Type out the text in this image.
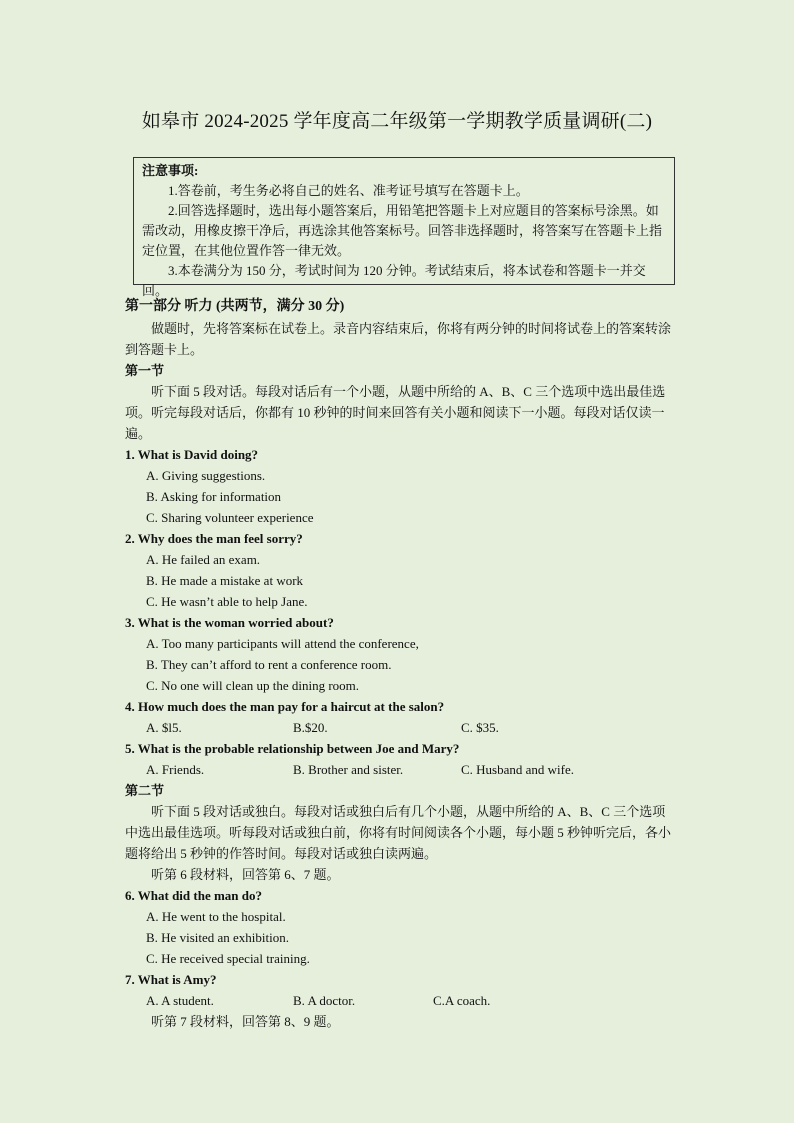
如皋市 2024-2025 学年度高二年级第一学期教学质量调研(二)
注意事项:

1.答卷前，考生务必将自己的姓名、准考证号填写在答题卡上。

2.回答选择题时，选出每小题答案后，用铅笔把答题卡上对应题目的答案标号涂黑。如需改动，用橡皮擦干净后，再选涂其他答案标号。回答非选择题时，将答案写在答题卡上指定位置，在其他位置作答一律无效。

3.本卷满分为 150 分，考试时间为 120 分钟。考试结束后，将本试卷和答题卡一并交回。

第一部分 听力 (共两节，满分 30 分)

做题时，先将答案标在试卷上。录音内容结束后，你将有两分钟的时间将试卷上的答案转涂到答题卡上。

第一节

听下面 5 段对话。每段对话后有一个小题，从题中所给的 A、B、C 三个选项中选出最佳选项。听完每段对话后，你都有 10 秒钟的时间来回答有关小题和阅读下一小题。每段对话仅读一遍。

1. What is David doing?
A. Giving suggestions.
B. Asking for information
C. Sharing volunteer experience
2. Why does the man feel sorry?
A. He failed an exam.
B. He made a mistake at work
C. He wasn’t able to help Jane.
3. What is the woman worried about?
A. Too many participants will attend the conference,
B. They can’t afford to rent a conference room.
C. No one will clean up the dining room.
4. How much does the man pay for a haircut at the salon?
A. $l5.	B.$20.	C. $35.
5. What is the probable relationship between Joe and Mary?
A. Friends.	B. Brother and sister.	C. Husband and wife.
第二节

听下面 5 段对话或独白。每段对话或独白后有几个小题，从题中所给的 A、B、C 三个选项中选出最佳选项。听每段对话或独白前，你将有时间阅读各个小题，每小题 5 秒钟听完后，各小题将给出 5 秒钟的作答时间。每段对话或独白读两遍。

听第 6 段材料，回答第 6、7 题。

6. What did the man do?
A. He went to the hospital.
B. He visited an exhibition.
C. He received special training.
7. What is Amy?
A. A student.	B. A doctor.	C.A coach.

听第 7 段材料，回答第 8、9 题。
